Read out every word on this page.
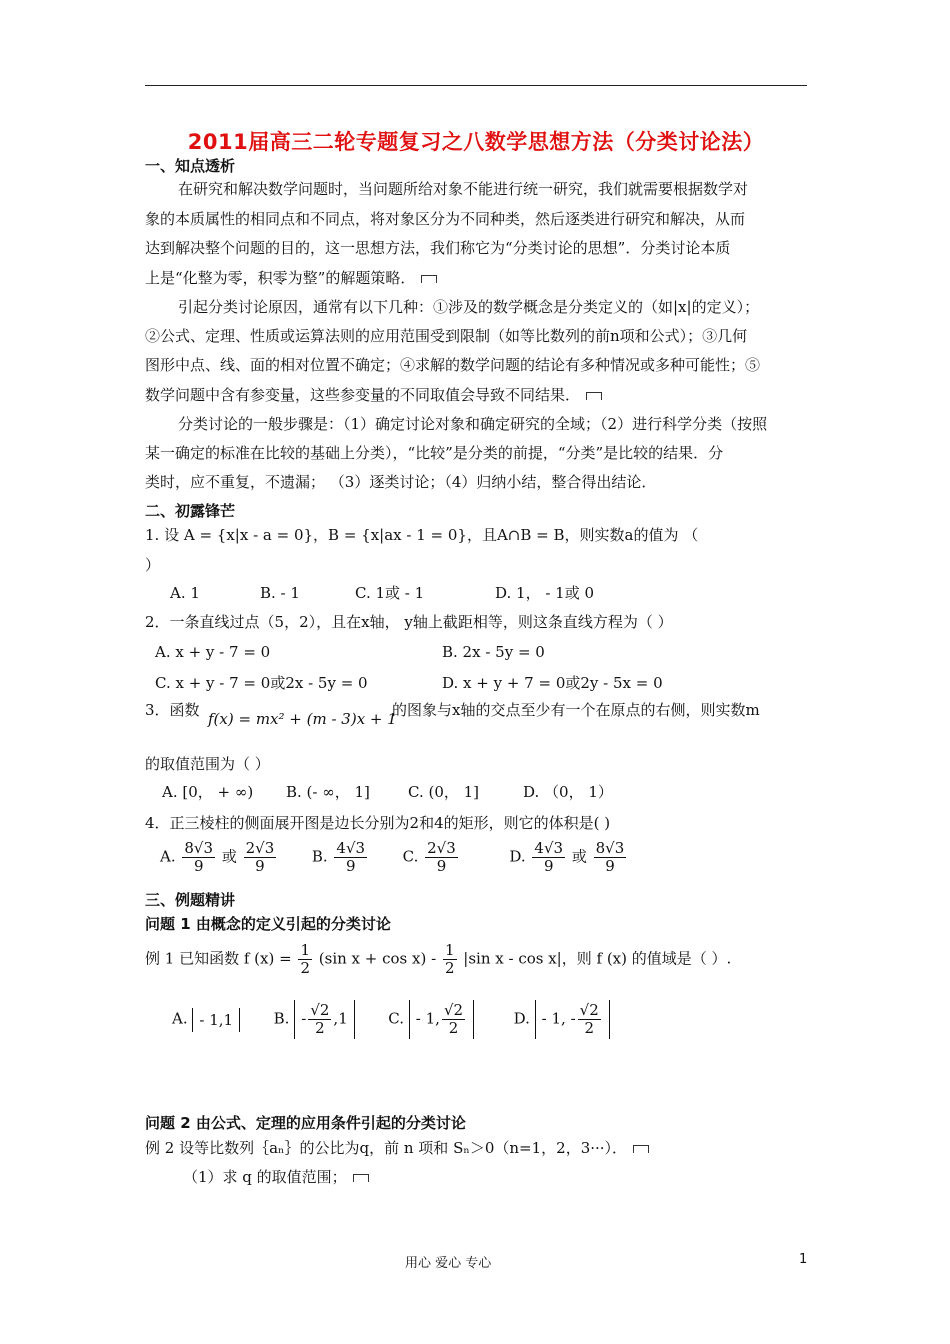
2011届高三二轮专题复习之八数学思想方法（分类讨论法）
一、知点透析
在研究和解决数学问题时，当问题所给对象不能进行统一研究，我们就需要根据数学对
象的本质属性的相同点和不同点，将对象区分为不同种类，然后逐类进行研究和解决，从而
达到解决整个问题的目的，这一思想方法，我们称它为“分类讨论的思想”．分类讨论本质
上是“化整为零，积零为整”的解题策略．
引起分类讨论原因，通常有以下几种：①涉及的数学概念是分类定义的（如|x|的定义）；
②公式、定理、性质或运算法则的应用范围受到限制（如等比数列的前n项和公式）；③几何
图形中点、线、面的相对位置不确定；④求解的数学问题的结论有多种情况或多种可能性；⑤
数学问题中含有参变量，这些参变量的不同取值会导致不同结果．
分类讨论的一般步骤是：（1）确定讨论对象和确定研究的全域；（2）进行科学分类（按照
某一确定的标准在比较的基础上分类），“比较”是分类的前提，“分类”是比较的结果．分
类时，应不重复，不遗漏； （3）逐类讨论；（4）归纳小结，整合得出结论．
二、初露锋芒
1. 设 A = {x|x - a = 0}，B = {x|ax - 1 = 0}，且A∩B = B，则实数a的值为 （
）
A. 1	B. - 1	C. 1或 - 1	D. 1， - 1或 0
2．一条直线过点（5，2），且在x轴， y轴上截距相等，则这条直线方程为（ ）
A. x + y - 7 = 0	B. 2x - 5y = 0
C. x + y - 7 = 0或2x - 5y = 0	D. x + y + 7 = 0或2y - 5x = 0
3．函数 f(x) = mx² + (m - 3)x + 1
的图象与x轴的交点至少有一个在原点的右侧，则实数m
的取值范围为（ ）
A. [0， + ∞) B. (- ∞， 1]	C. (0， 1]	D. （0， 1）
4．正三棱柱的侧面展开图是边长分别为2和4的矩形，则它的体积是( )
A. $\frac{8√3}{9}$ 或 $\frac{2√3}{9} B$. $\frac{4√3}{9} C$. $\frac{2√3}{9}$	D. $\frac{4√3}{9}$ 或 $\frac{8√3}{9}$
三、例题精讲
问题 1 由概念的定义引起的分类讨论
例 1 已知函数 f $(x) = \frac{1}{2} (\sin$ $x + \cos x) - \frac{1}{2} |\sin$ x - cos x|，则 f (x) 的值域是（ ）.
A. - 1,1	B. - $\frac{√2}{2} ,1$	C. - 1, $\frac{√2}{2}$	D. - 1, - $\frac{√2}{2}$
问题 2 由公式、定理的应用条件引起的分类讨论
例 2 设等比数列｛aₙ｝的公比为q，前 n 项和 Sₙ＞0（n=1，2，3···）．
（1）求 q 的取值范围；
用心 爱心 专心	1
